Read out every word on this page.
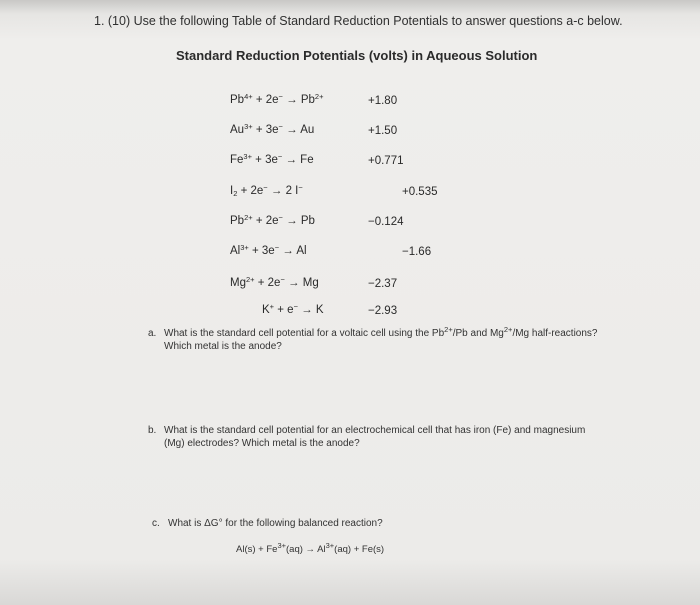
1. (10) Use the following Table of Standard Reduction Potentials to answer questions a-c below.
Standard Reduction Potentials (volts) in Aqueous Solution
$Pb^{4+} + 2e^- \to Pb^{2+}$	+1.80
$Au^{3+} + 3e^- \to Au$	+1.50
$Fe^{3+} + 3e^- \to Fe$	+0.771
$I_2 + 2e^- \to 2$ I−	+0.535
$Pb^{2+} + 2e^- \to Pb$	−0.124
$Al^{3+} + 3e^- \to Al$	−1.66
$Mg^{2+} + 2e^- \to Mg$	−2.37
K+ + e− → K	−2.93
a. What is the standard cell potential for a voltaic cell using the $Pb^{2+}/Pb$ and $Mg^{2+}/Mg$ half-reactions?
Which metal is the anode?
b. What is the standard cell potential for an electrochemical cell that has iron (Fe) and magnesium
(Mg) electrodes? Which metal is the anode?
c. What is ΔG° for the following balanced reaction?
$Al(s) + Fe^{3+}(aq) \to Al^{3+}(aq) + Fe(s)$
